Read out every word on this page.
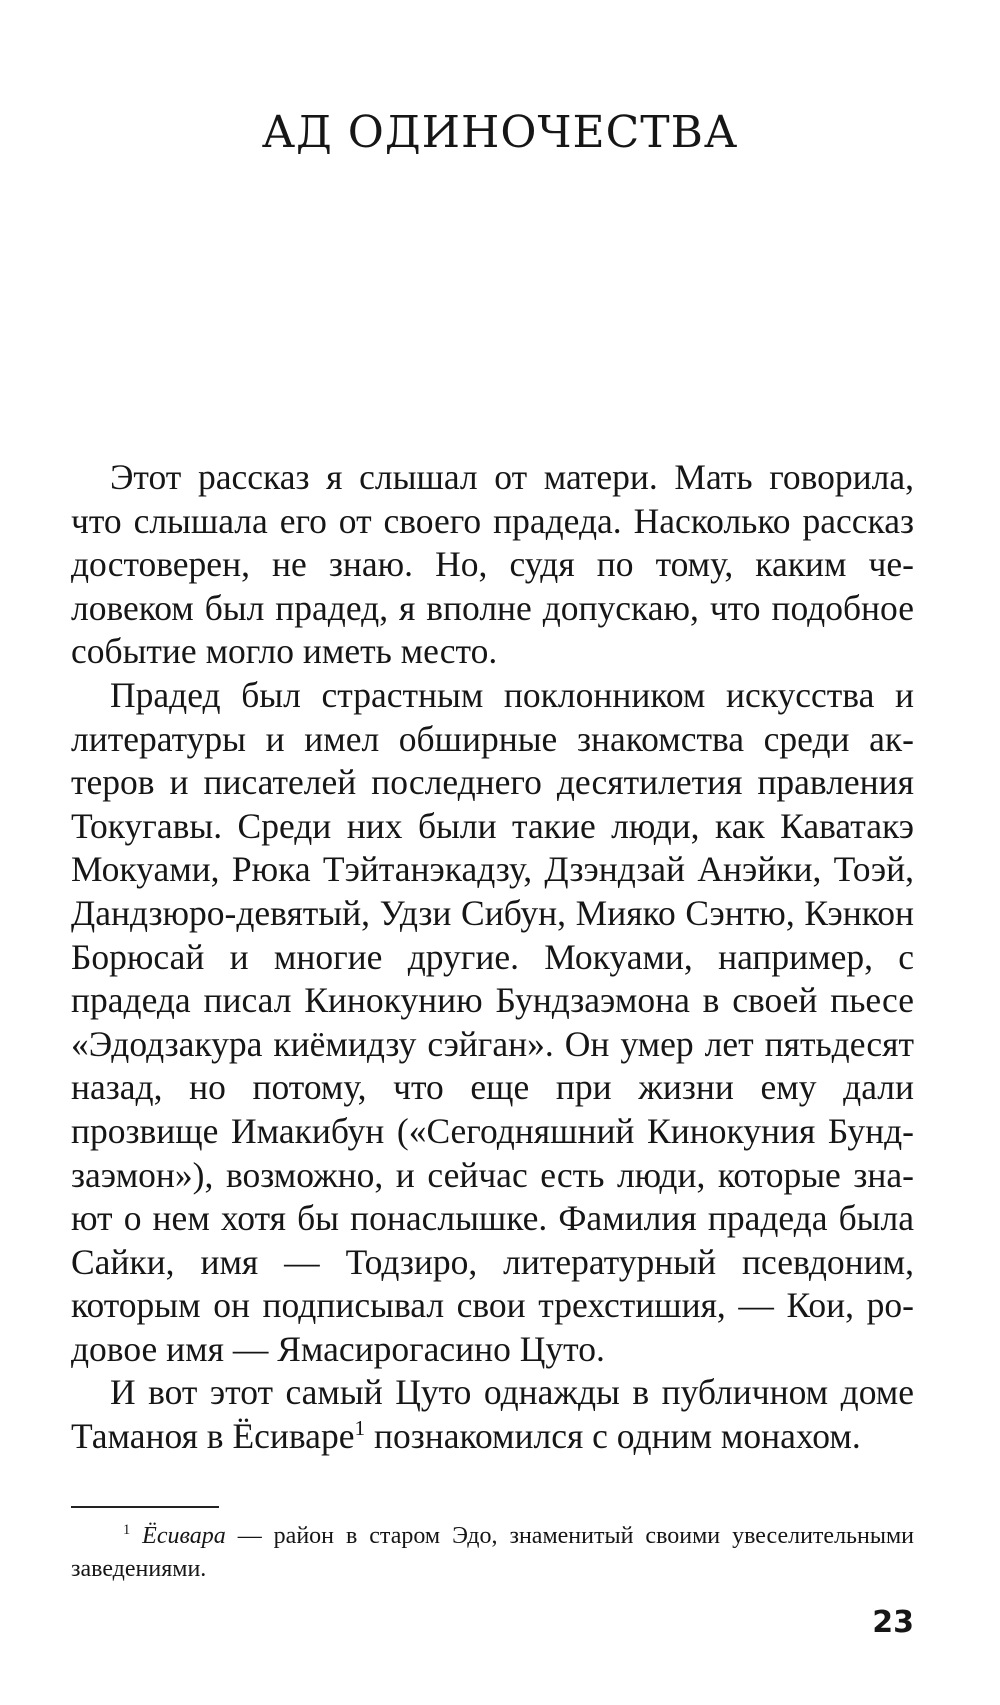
АД ОДИНОЧЕСТВА

Этот рассказ я слышал от матери. Мать говорила, что слышала его от своего прадеда. Насколько рассказ достоверен, не знаю. Но, судя по тому, каким человеком был прадед, я вполне допускаю, что подобное событие могло иметь место.

Прадед был страстным поклонником искусства и литературы и имел обширные знакомства среди актеров и писателей последнего десятилетия правления Токугавы. Среди них были такие люди, как Каватакэ Мокуами, Рюка Тэйтанэкадзу, Дзэндзай Анэйки, Тоэй, Дандзюро-девятый, Удзи Сибун, Мияко Сэнтю, Кэнкон Борюсай и многие другие. Мокуами, например, с прадеда писал Кинокунию Бундзаэмона в своей пьесе «Эдодзакура киёмидзу сэйган». Он умер лет пятьдесят назад, но потому, что еще при жизни ему дали прозвище Имакибун («Сегодняшний Кинокуния Бундзаэмон»), возможно, и сейчас есть люди, которые знают о нем хотя бы понаслышке. Фамилия прадеда была Сайки, имя — Тодзиро, литературный псевдоним, которым он подписывал свои трехстишия, — Кои, родовое имя — Ямасирогасино Цуто.

И вот этот самый Цуто однажды в публичном доме Таманоя в Ёсиваре$^1$ познакомился с одним монахом.

$^1$ Ёсивара — район в старом Эдо, знаменитый своими увеселительными заведениями.
23
